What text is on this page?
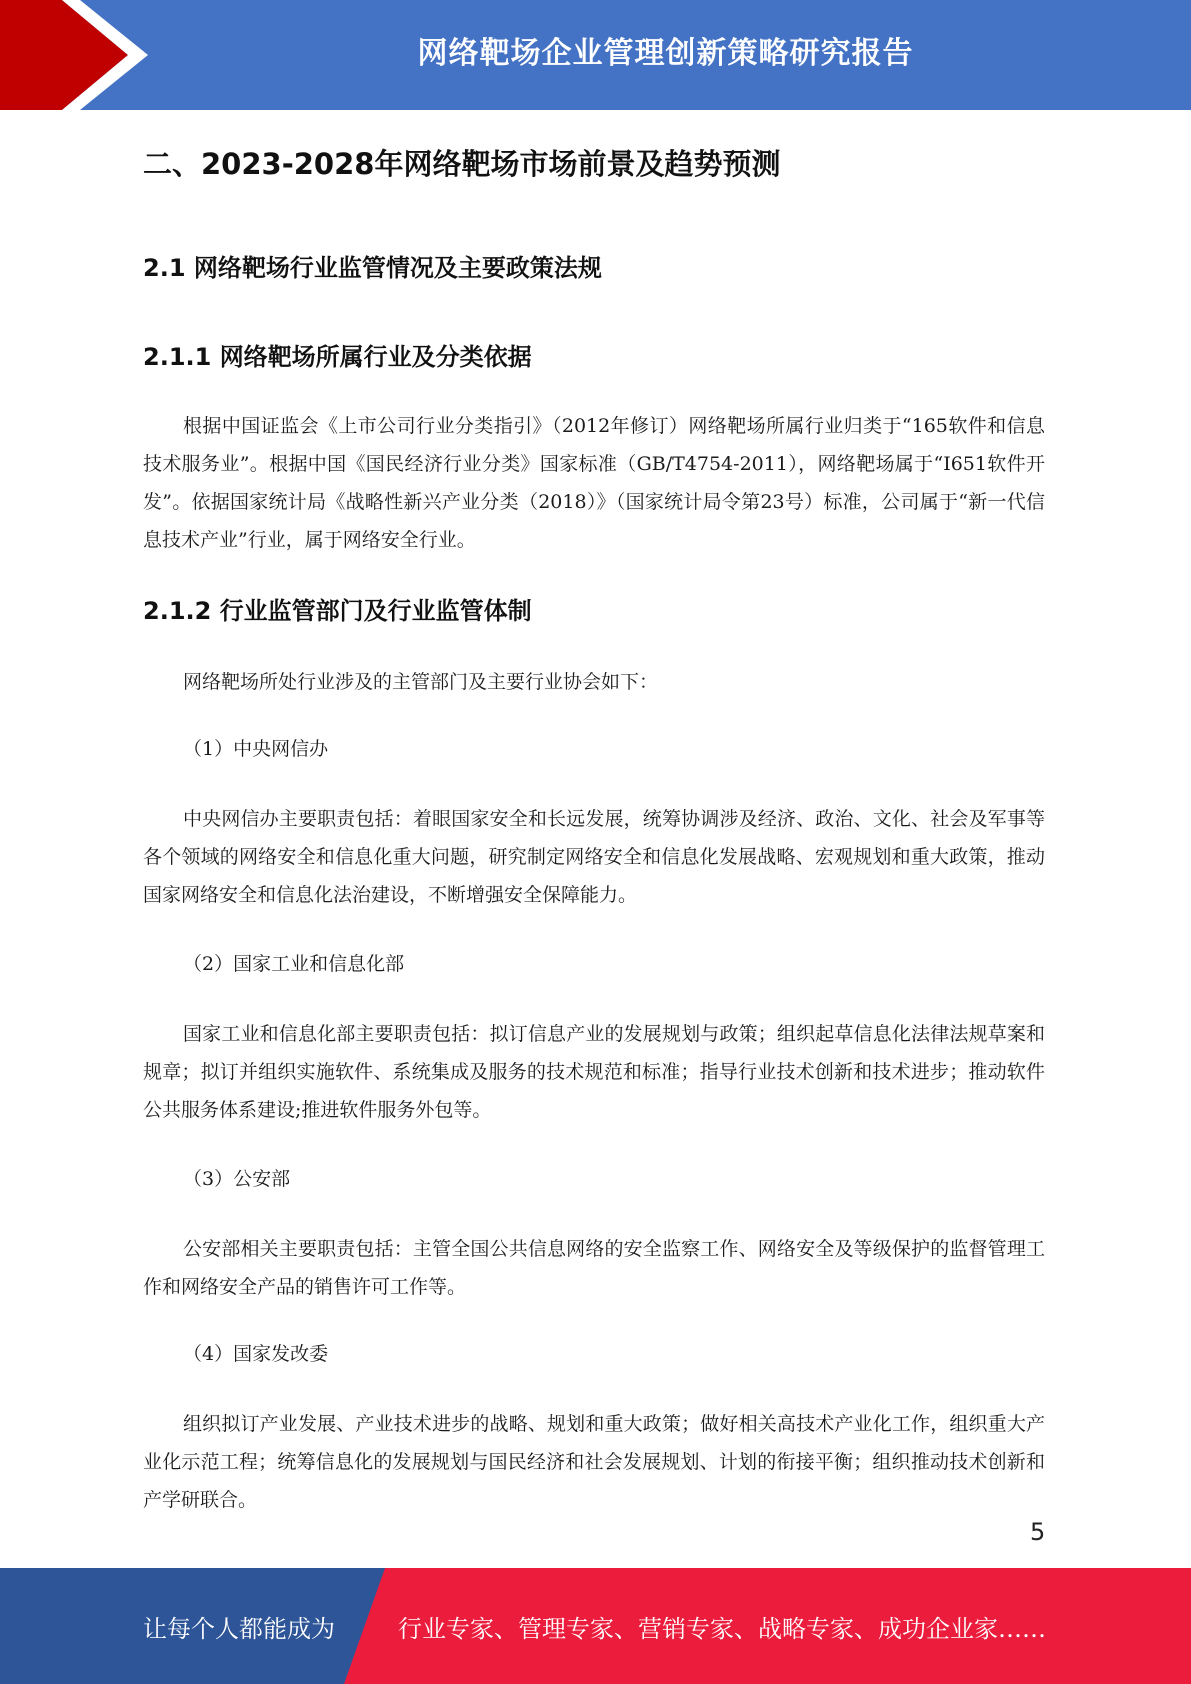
网络靶场企业管理创新策略研究报告
二、2023-2028年网络靶场市场前景及趋势预测
2.1 网络靶场行业监管情况及主要政策法规
2.1.1 网络靶场所属行业及分类依据

根据中国证监会《上市公司行业分类指引》（2012年修订）网络靶场所属行业归类于“165软件和信息技术服务业”。根据中国《国民经济行业分类》国家标准（GB/T4754-2011），网络靶场属于“I651软件开发”。依据国家统计局《战略性新兴产业分类（2018）》（国家统计局令第23号）标准，公司属于“新一代信息技术产业”行业，属于网络安全行业。

2.1.2 行业监管部门及行业监管体制

网络靶场所处行业涉及的主管部门及主要行业协会如下：

（1）中央网信办

中央网信办主要职责包括：着眼国家安全和长远发展，统筹协调涉及经济、政治、文化、社会及军事等各个领域的网络安全和信息化重大问题，研究制定网络安全和信息化发展战略、宏观规划和重大政策，推动国家网络安全和信息化法治建设，不断增强安全保障能力。

（2）国家工业和信息化部

国家工业和信息化部主要职责包括：拟订信息产业的发展规划与政策；组织起草信息化法律法规草案和规章；拟订并组织实施软件、系统集成及服务的技术规范和标准；指导行业技术创新和技术进步；推动软件公共服务体系建设;推进软件服务外包等。

（3）公安部

公安部相关主要职责包括：主管全国公共信息网络的安全监察工作、网络安全及等级保护的监督管理工作和网络安全产品的销售许可工作等。

（4）国家发改委

组织拟订产业发展、产业技术进步的战略、规划和重大政策；做好相关高技术产业化工作，组织重大产业化示范工程；统筹信息化的发展规划与国民经济和社会发展规划、计划的衔接平衡；组织推动技术创新和产学研联合。

5
让每个人都能成为	行业专家、管理专家、营销专家、战略专家、成功企业家……
